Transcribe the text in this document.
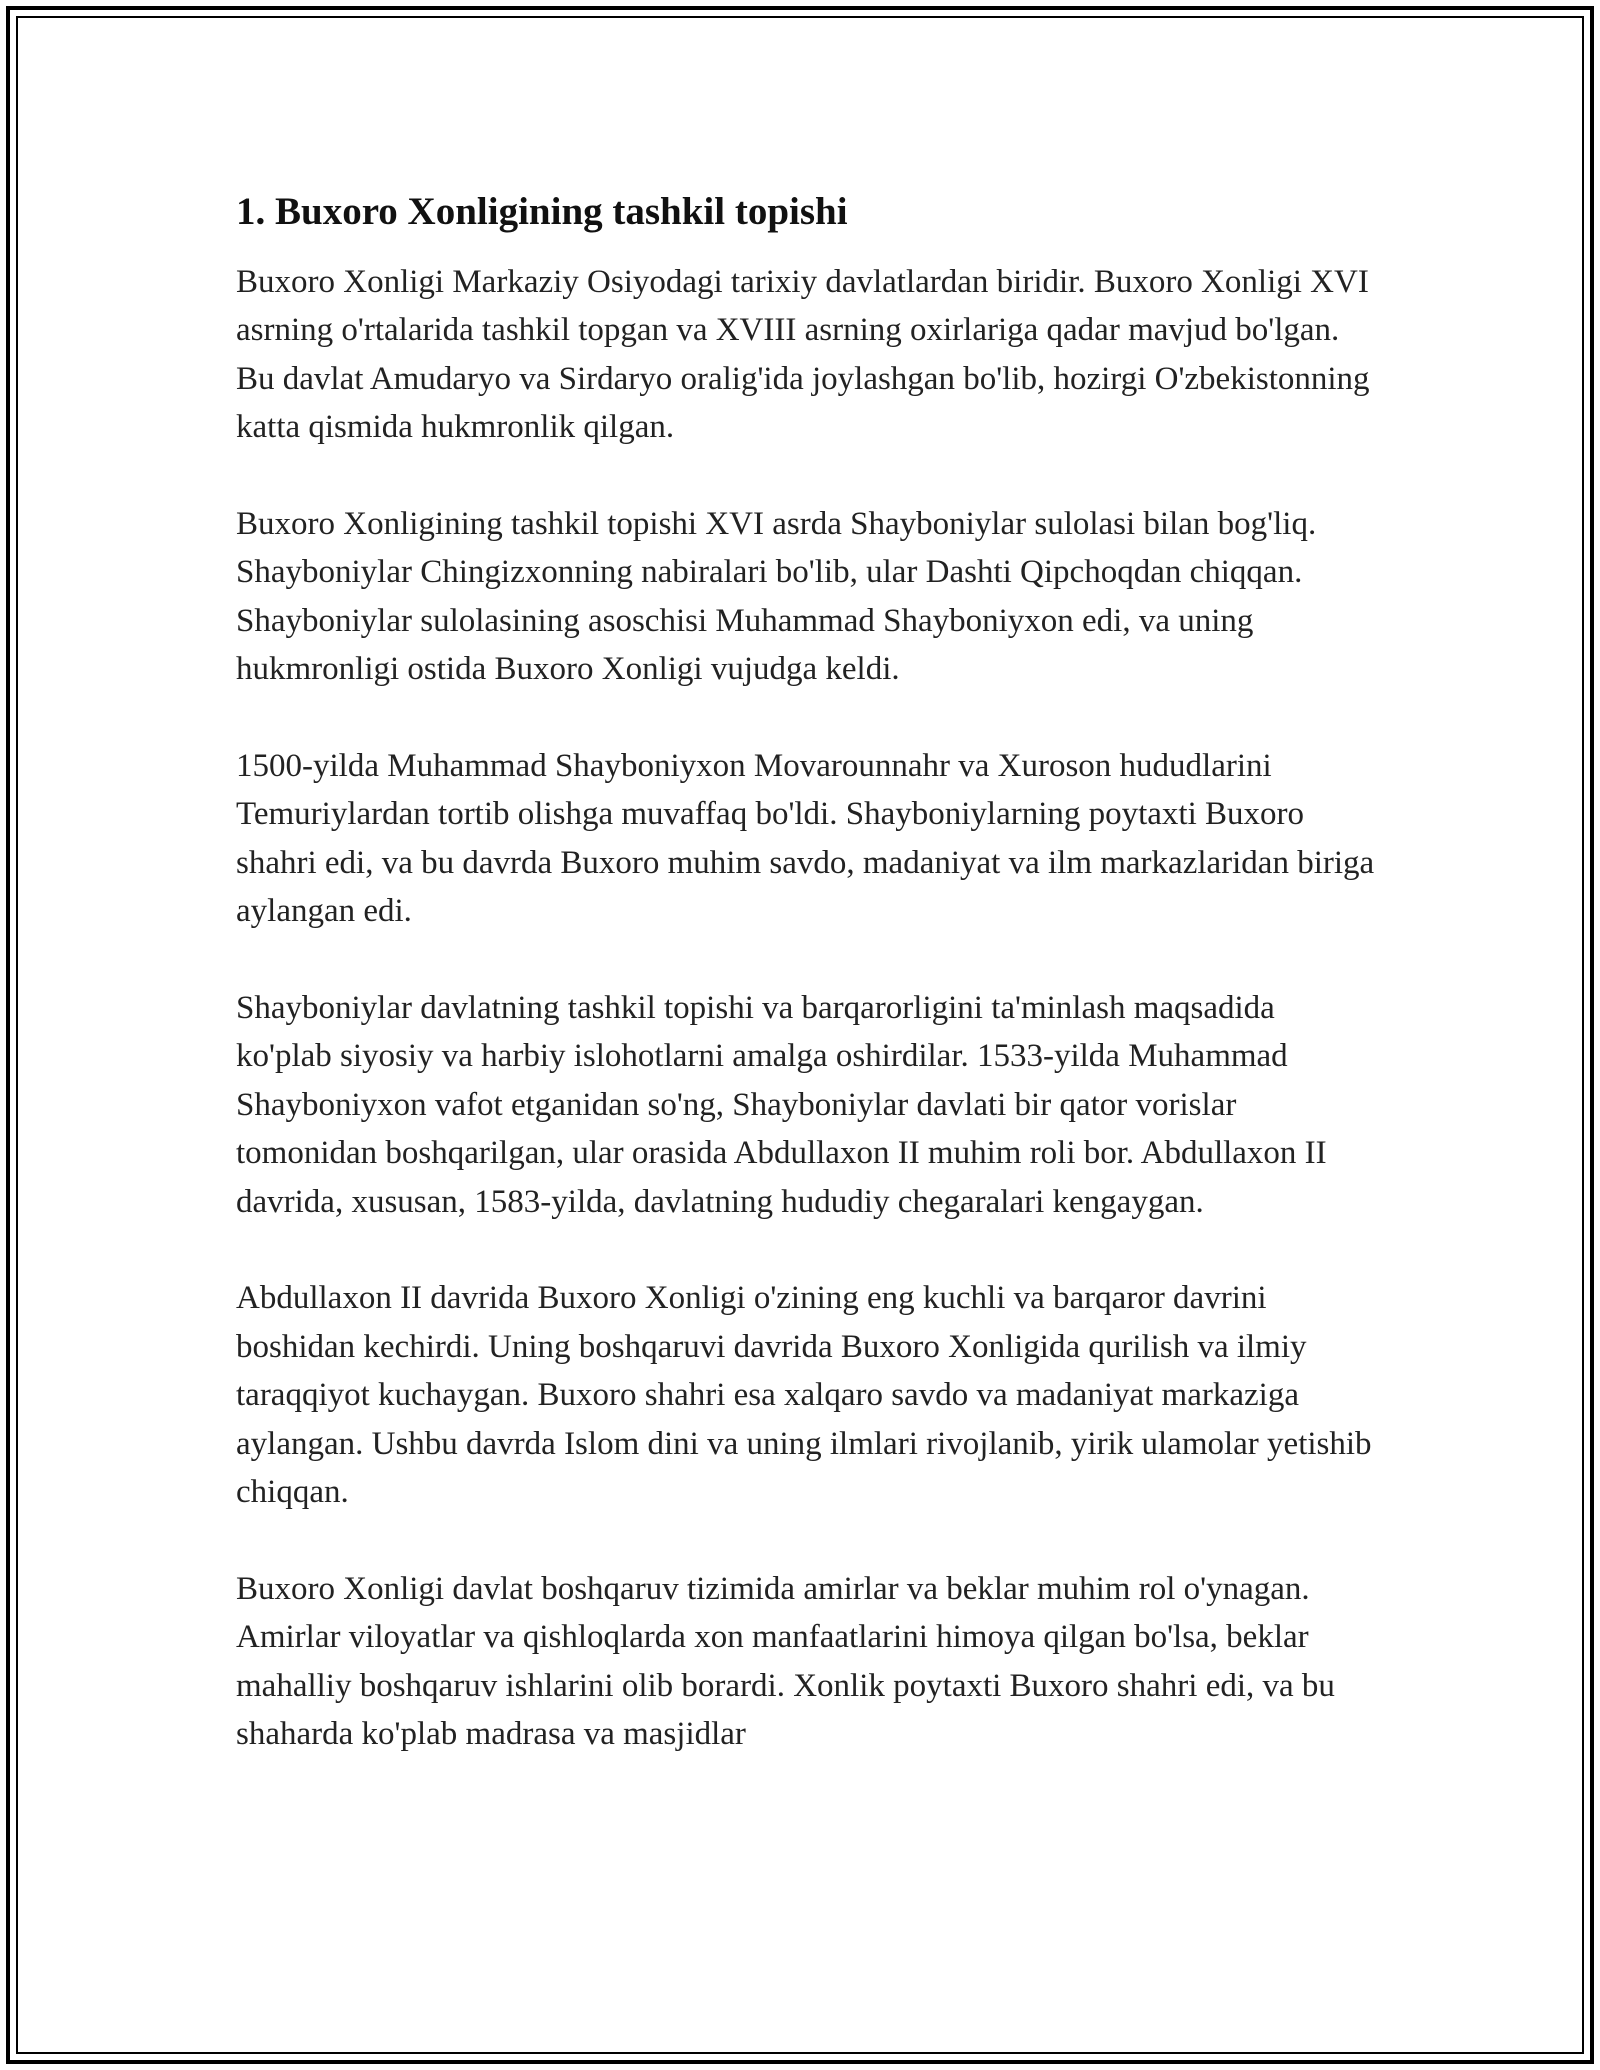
1. Buxoro Xonligining tashkil topishi

Buxoro Xonligi Markaziy Osiyodagi tarixiy davlatlardan biridir. Buxoro Xonligi XVI asrning o'rtalarida tashkil topgan va XVIII asrning oxirlariga qadar mavjud bo'lgan. Bu davlat Amudaryo va Sirdaryo oralig'ida joylashgan bo'lib, hozirgi O'zbekistonning katta qismida hukmronlik qilgan.

Buxoro Xonligining tashkil topishi XVI asrda Shayboniylar sulolasi bilan bog'liq. Shayboniylar Chingizxonning nabiralari bo'lib, ular Dashti Qipchoqdan chiqqan. Shayboniylar sulolasining asoschisi Muhammad Shayboniyxon edi, va uning hukmronligi ostida Buxoro Xonligi vujudga keldi.

1500-yilda Muhammad Shayboniyxon Movarounnahr va Xuroson hududlarini Temuriylardan tortib olishga muvaffaq bo'ldi. Shayboniylarning poytaxti Buxoro shahri edi, va bu davrda Buxoro muhim savdo, madaniyat va ilm markazlaridan biriga aylangan edi.

Shayboniylar davlatning tashkil topishi va barqarorligini ta'minlash maqsadida ko'plab siyosiy va harbiy islohotlarni amalga oshirdilar. 1533-yilda Muhammad Shayboniyxon vafot etganidan so'ng, Shayboniylar davlati bir qator vorislar tomonidan boshqarilgan, ular orasida Abdullaxon II muhim roli bor. Abdullaxon II davrida, xususan, 1583-yilda, davlatning hududiy chegaralari kengaygan.

Abdullaxon II davrida Buxoro Xonligi o'zining eng kuchli va barqaror davrini boshidan kechirdi. Uning boshqaruvi davrida Buxoro Xonligida qurilish va ilmiy taraqqiyot kuchaygan. Buxoro shahri esa xalqaro savdo va madaniyat markaziga aylangan. Ushbu davrda Islom dini va uning ilmlari rivojlanib, yirik ulamolar yetishib chiqqan.

Buxoro Xonligi davlat boshqaruv tizimida amirlar va beklar muhim rol o'ynagan. Amirlar viloyatlar va qishloqlarda xon manfaatlarini himoya qilgan bo'lsa, beklar mahalliy boshqaruv ishlarini olib borardi. Xonlik poytaxti Buxoro shahri edi, va bu shaharda ko'plab madrasa va masjidlar
